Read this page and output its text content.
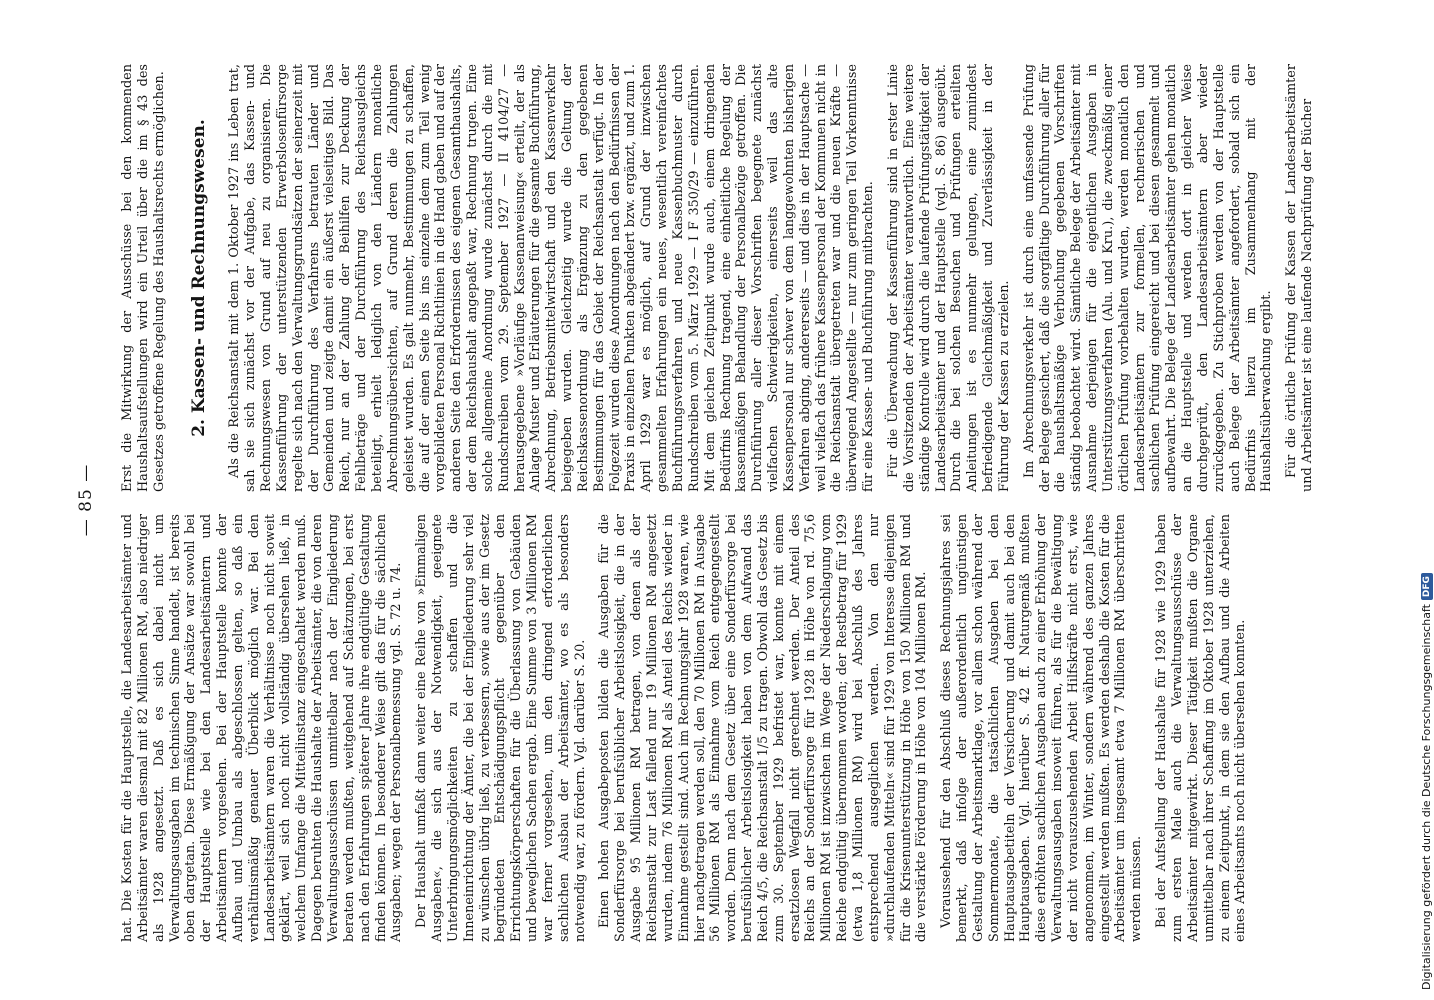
— 85 —

hat. Die Kosten für die Hauptstelle, die Landesarbeitsämter und Arbeitsämter waren diesmal mit 82 Millionen RM, also niedriger als 1928 angesetzt. Daß es sich dabei nicht um Verwaltungsausgaben im technischen Sinne handelt, ist bereits oben dargetan. Diese Ermäßigung der Ansätze war sowohl bei der Hauptstelle wie bei den Landesarbeitsämtern und Arbeitsämtern vorgesehen. Bei der Hauptstelle konnte der Aufbau und Umbau als abgeschlossen gelten, so daß ein verhältnismäßig genauer Überblick möglich war. Bei den Landesarbeitsämtern waren die Verhältnisse noch nicht soweit geklärt, weil sich noch nicht vollständig übersehen ließ, in welchem Umfange die Mitteilinstanz eingeschaltet werden muß. Dagegen beruhten die Haushalte der Arbeitsämter, die von deren Verwaltungsausschüssen unmittelbar nach der Eingliederung beraten werden mußten, weitgehend auf Schätzungen, bei erst nach den Erfahrungen späterer Jahre ihre endgültige Gestaltung finden können. In besonderer Weise gilt das für die sächlichen Ausgaben; wegen der Personalbemessung vgl. S. 72 u. 74. Der Haushalt umfaßt dann weiter eine Reihe von »Einmaligen Ausgaben«, die sich aus der Notwendigkeit, geeignete Unterbringungsmöglichkeiten zu schaffen und die Inneneinrichtung der Ämter, die bei der Eingliederung sehr viel zu wünschen übrig ließ, zu verbessern, sowie aus der im Gesetz begründeten Entschädigungspflicht gegenüber den Errichtungskörperschaften für die Überlassung von Gebäuden und beweglichen Sachen ergab. Eine Summe von 3 Millionen RM war ferner vorgesehen, um den dringend erforderlichen sachlichen Ausbau der Arbeitsämter, wo es als besonders notwendig war, zu fördern. Vgl. darüber S. 20. Einen hohen Ausgabeposten bilden die Ausgaben für die Sonderfürsorge bei berufsüblicher Arbeitslosigkeit, die in der Ausgabe 95 Millionen RM betragen, von denen als der Reichsanstalt zur Last fallend nur 19 Millionen RM angesetzt wurden, indem 76 Millionen RM als Anteil des Reichs wieder in Einnahme gestellt sind. Auch im Rechnungsjahr 1928 waren, wie hier nachgetragen werden soll, den 70 Millionen RM in Ausgabe 56 Millionen RM als Einnahme vom Reich entgegengestellt worden. Denn nach dem Gesetz über eine Sonderfürsorge bei berufsüblicher Arbeitslosigkeit haben von dem Aufwand das Reich 4/5, die Reichsanstalt 1/5 zu tragen. Obwohl das Gesetz bis zum 30. September 1929 befristet war, konnte mit einem ersatzlosen Wegfall nicht gerechnet werden. Der Anteil des Reichs an der Sonderfürsorge für 1928 in Höhe von rd. 75,6 Millionen RM ist inzwischen im Wege der Niederschlagung vom Reiche endgültig übernommen worden; der Restbetrag für 1929 (etwa 1,8 Millionen RM) wird bei Abschluß des Jahres entsprechend ausgeglichen werden. Von den nur »durchlaufenden Mitteln« sind für 1929 von Interesse diejenigen für die Krisenunterstützung in Höhe von 150 Millionen RM und die verstärkte Förderung in Höhe von 104 Millionen RM. Voraussehend für den Abschluß dieses Rechnungsjahres sei bemerkt, daß infolge der außerordentlich ungünstigen Gestaltung der Arbeitsmarktlage, vor allem schon während der Sommermonate, die tatsächlichen Ausgaben bei den Hauptausgabetiteln der Versicherung und damit auch bei den Hauptausgaben. Vgl. hierüber S. 42 ff. Naturgemäß mußten diese erhöhten sachlichen Ausgaben auch zu einer Erhöhung der Verwaltungsausgaben insoweit führen, als für die Bewältigung der nicht vorauszusehenden Arbeit Hilfskräfte nicht erst, wie angenommen, im Winter, sondern während des ganzen Jahres eingestellt werden mußten. Es werden deshalb die Kosten für die Arbeitsämter um insgesamt etwa 7 Millionen RM überschritten werden müssen. Bei der Aufstellung der Haushalte für 1928 wie 1929 haben zum ersten Male auch die Verwaltungsausschüsse der Arbeitsämter mitgewirkt. Dieser Tätigkeit mußten die Organe unmittelbar nach ihrer Schaffung im Oktober 1928 unterziehen, zu einem Zeitpunkt, in dem sie den Aufbau und die Arbeiten eines Arbeitsamts noch nicht übersehen konnten.

Erst die Mitwirkung der Ausschüsse bei den kommenden Haushaltsaufstellungen wird ein Urteil über die im § 43 des Gesetzes getroffene Regelung des Haushaltsrechts ermöglichen. 2. Kassen- und Rechnungswesen. Als die Reichsanstalt mit dem 1. Oktober 1927 ins Leben trat, sah sie sich zunächst vor der Aufgabe, das Kassen- und Rechnungswesen von Grund auf neu zu organisieren. Die Kassenführung der unterstützenden Erwerbslosenfürsorge regelte sich nach den Verwaltungsgrundsätzen der seinerzeit mit der Durchführung des Verfahrens betrauten Länder und Gemeinden und zeigte damit ein äußerst vielseitiges Bild. Das Reich, nur an der Zahlung der Beihilfen zur Deckung der Fehlbeträge und der Durchführung des Reichsausgleichs beteiligt, erhielt lediglich von den Ländern monatliche Abrechnungsübersichten, auf Grund deren die Zahlungen geleistet wurden. Es galt nunmehr, Bestimmungen zu schaffen, die auf der einen Seite bis ins einzelne dem zum Teil wenig vorgebildeten Personal Richtlinien in die Hand gaben und auf der anderen Seite den Erfordernissen des eigenen Gesamthaushalts, der dem Reichshaushalt angepaßt war, Rechnung trugen. Eine solche allgemeine Anordnung wurde zunächst durch die mit Rundschreiben vom 29. September 1927 — II 4104/27 — herausgegebene »Vorläufige Kassenanweisung« erteilt, der als Anlage Muster und Erläuterungen für die gesamte Buchführung, Abrechnung, Betriebsmittelwirtschaft und den Kassenverkehr beigegeben wurden. Gleichzeitig wurde die Geltung der Reichskassenordnung als Ergänzung zu den gegebenen Bestimmungen für das Gebiet der Reichsanstalt verfügt. In der Folgezeit wurden diese Anordnungen nach den Bedürfnissen der Praxis in einzelnen Punkten abgeändert bzw. ergänzt, und zum 1. April 1929 war es möglich, auf Grund der inzwischen gesammelten Erfahrungen ein neues, wesentlich vereinfachtes Buchführungsverfahren und neue Kassenbuchmuster durch Rundschreiben vom 5. März 1929 — I F 350/29 — einzuführen. Mit dem gleichen Zeitpunkt wurde auch, einem dringenden Bedürfnis Rechnung tragend, eine einheitliche Regelung der kassenmäßigen Behandlung der Personalbezüge getroffen. Die Durchführung aller dieser Vorschriften begegnete zunächst vielfachen Schwierigkeiten, einerseits weil das alte Kassenpersonal nur schwer von dem langgewohnten bisherigen Verfahren abging, andererseits — und dies in der Hauptsache — weil vielfach das frühere Kassenpersonal der Kommunen nicht in die Reichsanstalt übergetreten war und die neuen Kräfte — überwiegend Angestellte — nur zum geringen Teil Vorkenntnisse für eine Kassen- und Buchführung mitbrachten. Für die Überwachung der Kassenführung sind in erster Linie die Vorsitzenden der Arbeitsämter verantwortlich. Eine weitere ständige Kontrolle wird durch die laufende Prüfungstätigkeit der Landesarbeitsämter und der Hauptstelle (vgl. S. 86) ausgeübt. Durch die bei solchen Besuchen und Prüfungen erteilten Anleitungen ist es nunmehr gelungen, eine zumindest befriedigende Gleichmäßigkeit und Zuverlässigkeit in der Führung der Kassen zu erzielen. Im Abrechnungsverkehr ist durch eine umfassende Prüfung der Belege gesichert, daß die sorgfältige Durchführung aller für die haushaltsmäßige Verbuchung gegebenen Vorschriften ständig beobachtet wird. Sämtliche Belege der Arbeitsämter mit Ausnahme derjenigen für die eigentlichen Ausgaben in Unterstützungsverfahren (Alu. und Kru.), die zweckmäßig einer örtlichen Prüfung vorbehalten wurden, werden monatlich den Landesarbeitsämtern zur formellen, rechnerischen und sachlichen Prüfung eingereicht und bei diesen gesammelt und aufbewahrt. Die Belege der Landesarbeitsämter gehen monatlich an die Hauptstelle und werden dort in gleicher Weise durchgeprüft, den Landesarbeitsämtern aber wieder zurückgegeben. Zu Stichproben werden von der Hauptstelle auch Belege der Arbeitsämter angefordert, sobald sich ein Bedürfnis hierzu im Zusammenhang mit der Haushaltsüberwachung ergibt. Für die örtliche Prüfung der Kassen der Landesarbeitsämter und Arbeitsämter ist eine laufende Nachprüfung der Bücher

Digitalisierung gefördert durch die Deutsche Forschungsgemeinschaft
DFG
